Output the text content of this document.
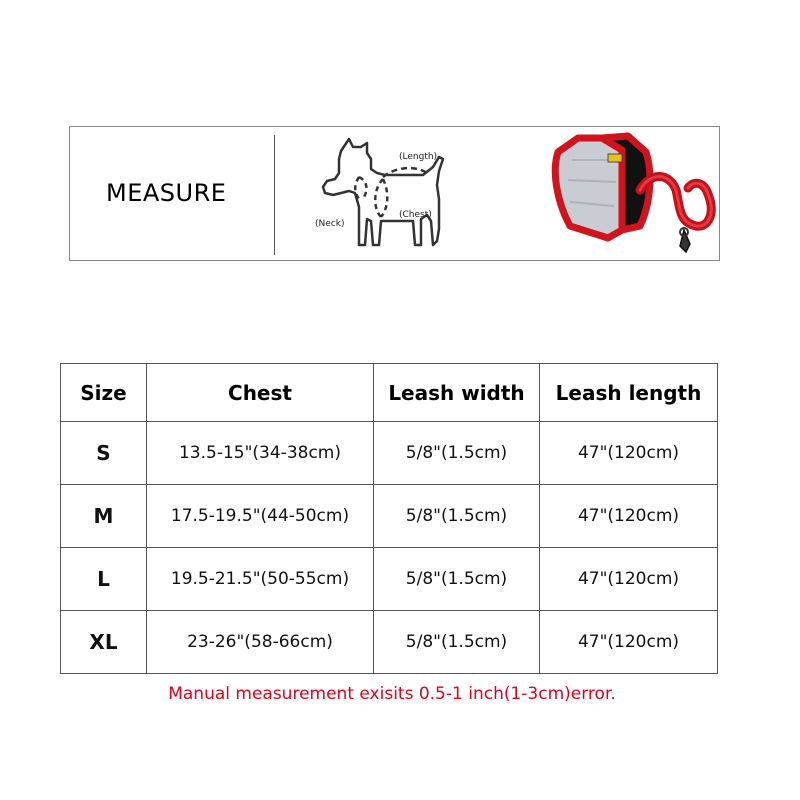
MEASURE
(Length)
(Neck)
(Chest)
Size	Chest	Leash width	Leash length
S	13.5-15"(34-38cm)	5/8"(1.5cm)	47"(120cm)
M	17.5-19.5"(44-50cm)	5/8"(1.5cm)	47"(120cm)
L	19.5-21.5"(50-55cm)	5/8"(1.5cm)	47"(120cm)
XL	23-26"(58-66cm)	5/8"(1.5cm)	47"(120cm)
Manual measurement exisits 0.5-1 inch(1-3cm)error.
